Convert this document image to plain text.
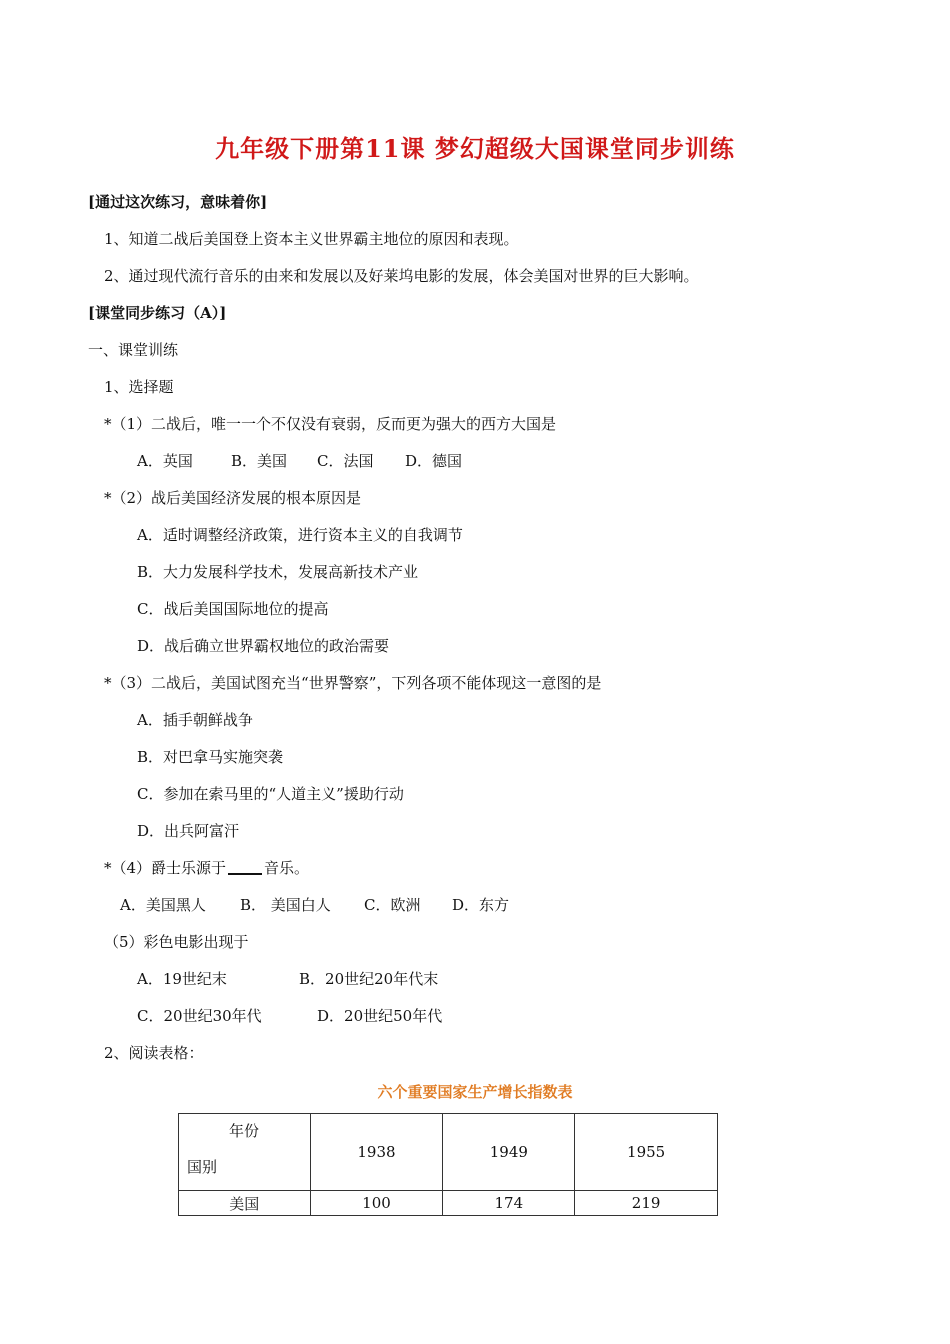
九年级下册第11课 梦幻超级大国课堂同步训练
[通过这次练习，意味着你]
1、知道二战后美国登上资本主义世界霸主地位的原因和表现。
2、通过现代流行音乐的由来和发展以及好莱坞电影的发展，体会美国对世界的巨大影响。
[课堂同步练习（A）]
一、课堂训练
1、选择题
*（1）二战后，唯一一个不仅没有衰弱，反而更为强大的西方大国是
A．英国	B．美国 C．法国 D．德国
*（2）战后美国经济发展的根本原因是
A．适时调整经济政策，进行资本主义的自我调节
B．大力发展科学技术，发展高新技术产业
C．战后美国国际地位的提高
D．战后确立世界霸权地位的政治需要
*（3）二战后，美国试图充当“世界警察”，下列各项不能体现这一意图的是
A．插手朝鲜战争
B．对巴拿马实施突袭
C．参加在索马里的“人道主义”援助行动
D．出兵阿富汗
*（4）爵士乐源于	音乐。
A．美国黑人 B． 美国白人 C．欧洲 D．东方
（5）彩色电影出现于
A．19世纪末	B．20世纪20年代末
C．20世纪30年代	D．20世纪50年代
2、阅读表格：
六个重要国家生产增长指数表
年份
国别	1938	1949	1955
美国	100	174	219
